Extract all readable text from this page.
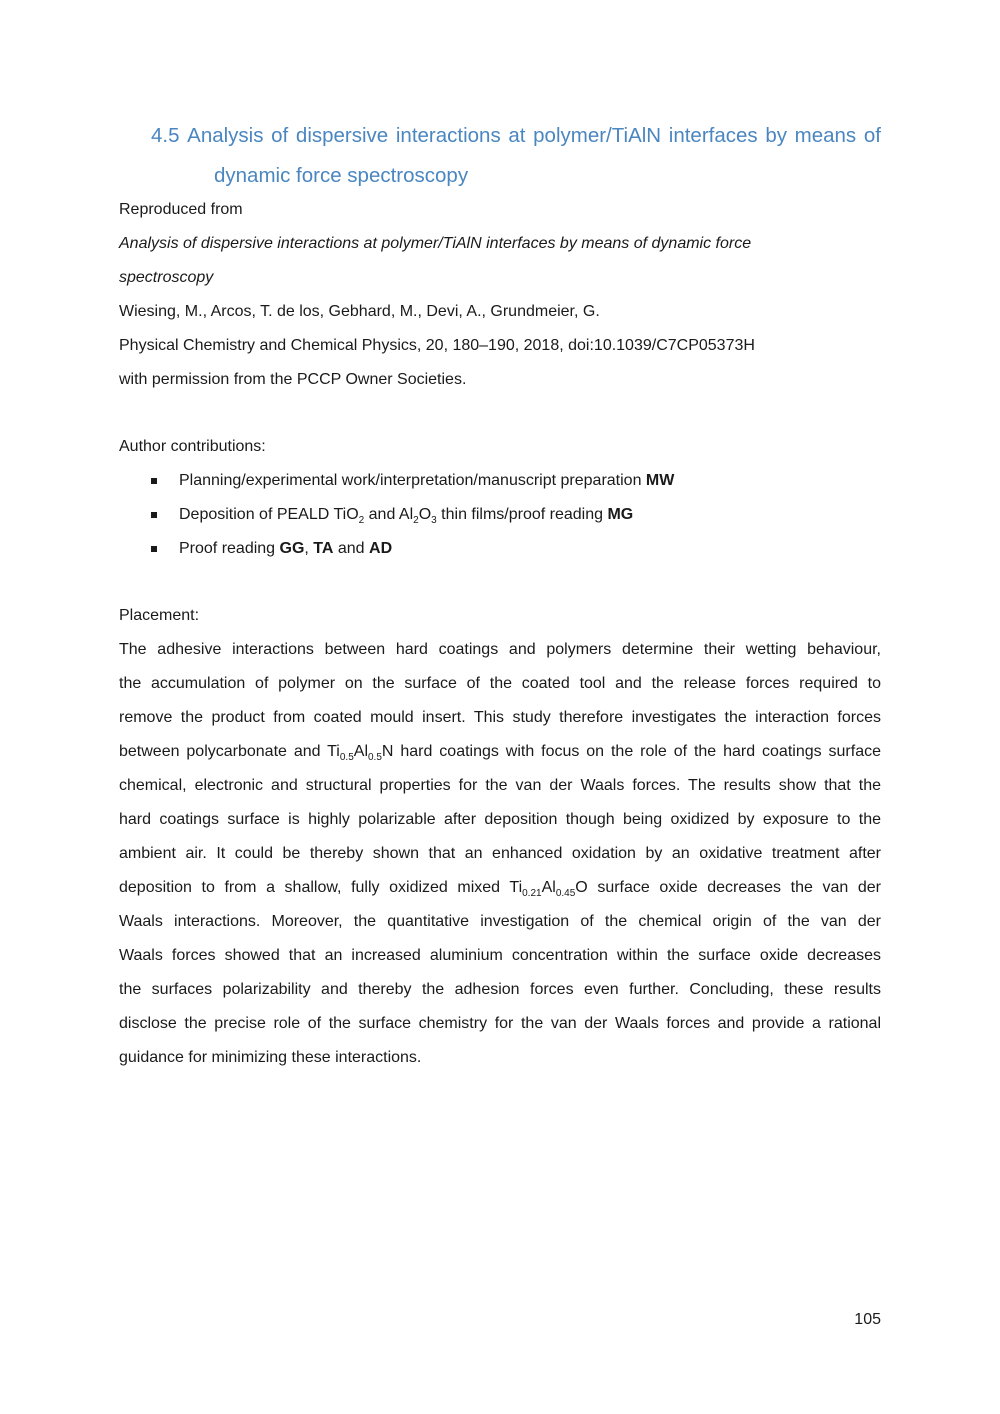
4.5 Analysis of dispersive interactions at polymer/TiAlN interfaces by means of
dynamic force spectroscopy
Reproduced from
Analysis of dispersive interactions at polymer/TiAlN interfaces by means of dynamic force
spectroscopy
Wiesing, M., Arcos, T. de los, Gebhard, M., Devi, A., Grundmeier, G.
Physical Chemistry and Chemical Physics, 20, 180–190, 2018, doi:10.1039/C7CP05373H
with permission from the PCCP Owner Societies.
Author contributions:
Planning/experimental work/interpretation/manuscript preparation MW
Deposition of PEALD TiO$_2$ and $Al_2O_3$ thin films/proof reading MG
Proof reading GG, TA and AD
Placement:
The adhesive interactions between hard coatings and polymers determine their wetting behaviour,
the accumulation of polymer on the surface of the coated tool and the release forces required to
remove the product from coated mould insert. This study therefore investigates the interaction forces
between polycarbonate and $Ti_{0.5}Al_{0.5}N$ hard coatings with focus on the role of the hard coatings surface
chemical, electronic and structural properties for the van der Waals forces. The results show that the
hard coatings surface is highly polarizable after deposition though being oxidized by exposure to the
ambient air. It could be thereby shown that an enhanced oxidation by an oxidative treatment after
deposition to from a shallow, fully oxidized mixed $Ti_{0.21}Al_{0.45}O$ surface oxide decreases the van der
Waals interactions. Moreover, the quantitative investigation of the chemical origin of the van der
Waals forces showed that an increased aluminium concentration within the surface oxide decreases
the surfaces polarizability and thereby the adhesion forces even further. Concluding, these results
disclose the precise role of the surface chemistry for the van der Waals forces and provide a rational
guidance for minimizing these interactions.
105
